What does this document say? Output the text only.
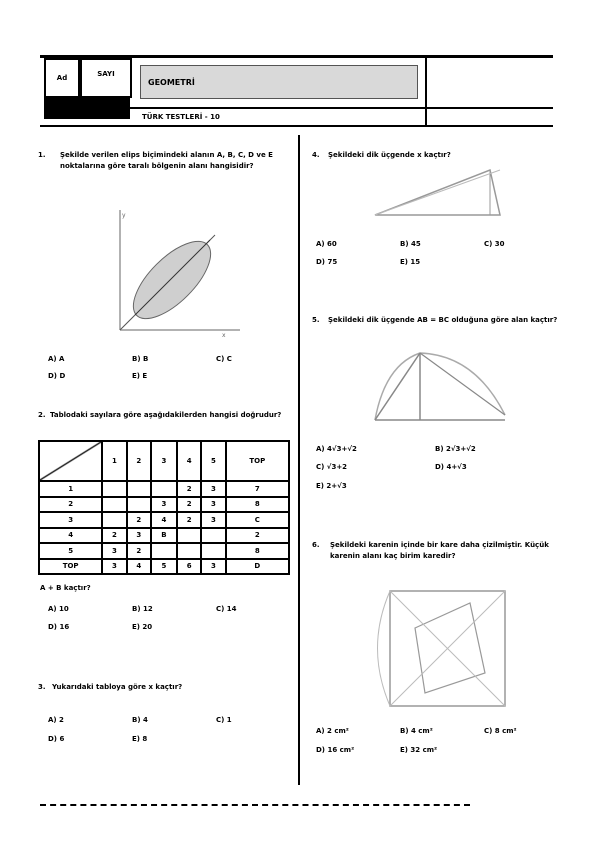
Ad	SAYI
GEOMETRİ
TÜRK TESTLERİ - 10
1. Şekilde verilen elips biçimindeki alanın A, B, C, D ve E noktalarına göre taralı bölgenin alanı hangisidir?
y
x
A) A	B) B	C) C
D) D	E) E
2. Tablodaki sayılara göre aşağıdakilerden hangisi doğrudur?
	1	2	3	4	5	TOP
1				2	3	7
2			3	2	3	8
3		2	4	2	3	C
4	2	3	B			2
5	3	2				8
TOP	3	4	5	6	3	D
A + B kaçtır?
A) 10	B) 12	C) 14
D) 16	E) 20
3. Yukarıdaki tabloya göre x kaçtır?
A) 2	B) 4	C) 1
D) 6	E) 8
4. Şekildeki dik üçgende x kaçtır?
A) 60	B) 45	C) 30
D) 75	E) 15
5. Şekildeki dik üçgende AB = BC olduğuna göre alan kaçtır?
A) 4√3+√2	B) 2√3+√2
C) √3+2	D) 4+√3
E) 2+√3
6. Şekildeki karenin içinde bir kare daha çizilmiştir. Küçük karenin alanı kaç birim karedir?
A) 2 cm²	B) 4 cm²	C) 8 cm²
D) 16 cm²	E) 32 cm²
